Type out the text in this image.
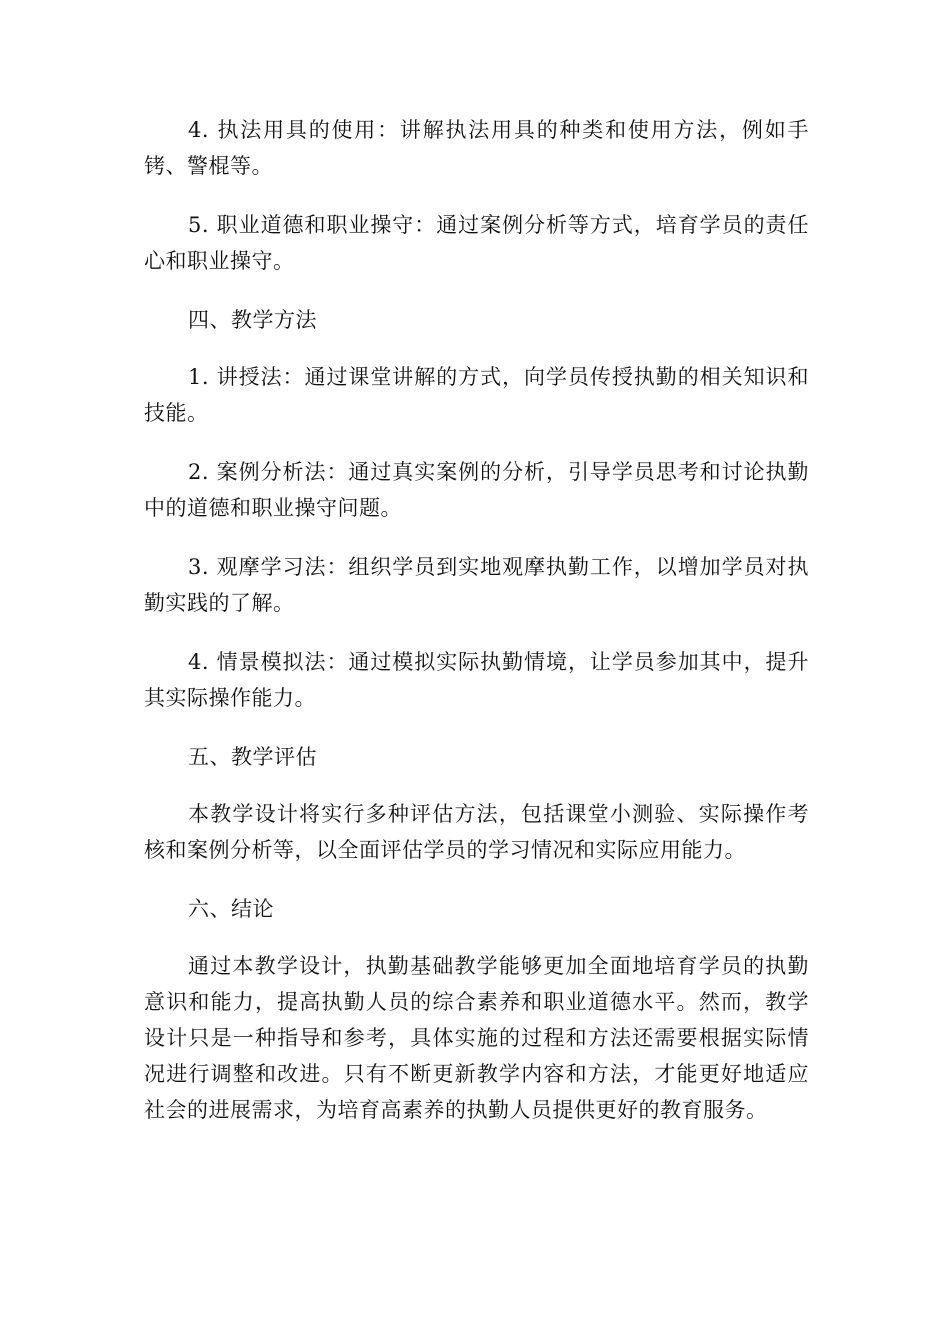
4. 执法用具的使用：讲解执法用具的种类和使用方法，例如手铐、警棍等。

5. 职业道德和职业操守：通过案例分析等方式，培育学员的责任心和职业操守。

四、教学方法

1. 讲授法：通过课堂讲解的方式，向学员传授执勤的相关知识和技能。

2. 案例分析法：通过真实案例的分析，引导学员思考和讨论执勤中的道德和职业操守问题。

3. 观摩学习法：组织学员到实地观摩执勤工作，以增加学员对执勤实践的了解。

4. 情景模拟法：通过模拟实际执勤情境，让学员参加其中，提升其实际操作能力。

五、教学评估

本教学设计将实行多种评估方法，包括课堂小测验、实际操作考核和案例分析等，以全面评估学员的学习情况和实际应用能力。

六、结论

通过本教学设计，执勤基础教学能够更加全面地培育学员的执勤意识和能力，提高执勤人员的综合素养和职业道德水平。然而，教学设计只是一种指导和参考，具体实施的过程和方法还需要根据实际情况进行调整和改进。只有不断更新教学内容和方法，才能更好地适应社会的进展需求，为培育高素养的执勤人员提供更好的教育服务。
